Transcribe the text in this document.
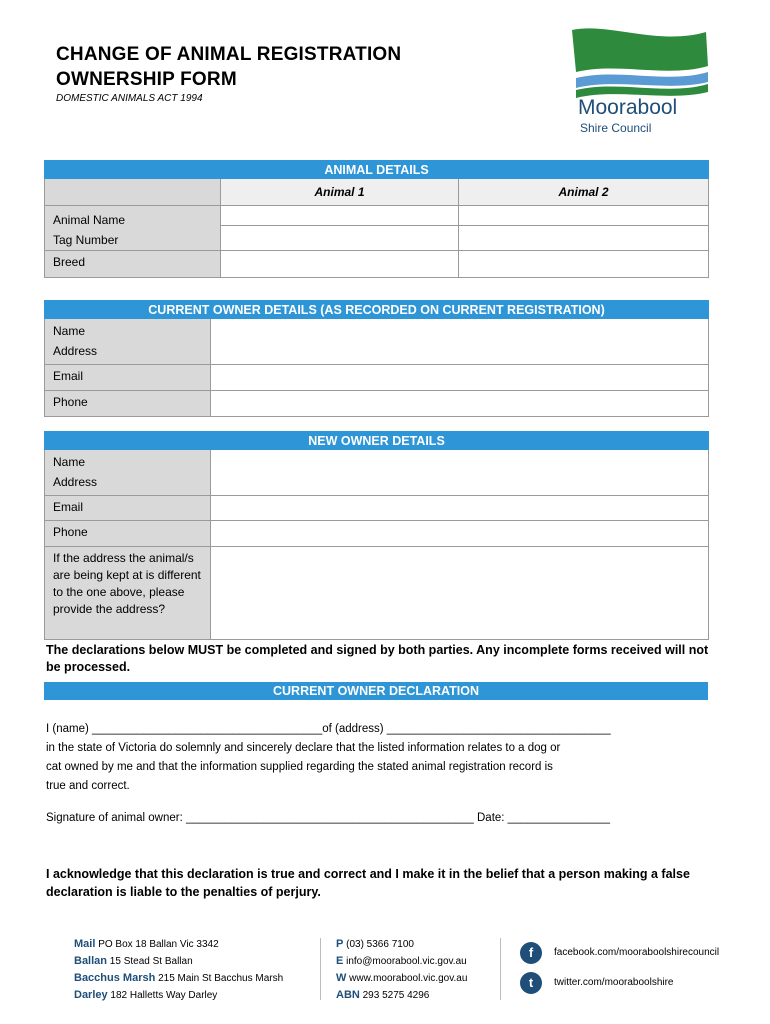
CHANGE OF ANIMAL REGISTRATION
OWNERSHIP FORM
DOMESTIC ANIMALS ACT 1994	Moorabool
Shire Council
ANIMAL DETAILS		
	Animal 1	Animal 2

Animal Name
Tag Number		

Breed		
CURRENT OWNER DETAILS (AS RECORDED ON CURRENT REGISTRATION)	

Name
Address	

Email	
Phone	
NEW OWNER DETAILS	

Name
Address	

Email	
Phone	
If the address the animal/s are being kept at is different to the one above, please provide the address?	
The declarations below MUST be completed and signed by both parties. Any incomplete forms received will not be processed.
CURRENT OWNER DECLARATION
I (name) ____________________________________of (address) ___________________________________
in the state of Victoria do solemnly and sincerely declare that the listed information relates to a dog or
cat owned by me and that the information supplied regarding the stated animal registration record is
true and correct.
Signature of animal owner: _____________________________________________ Date: ________________
I acknowledge that this declaration is true and correct and I make it in the belief that a person making a false declaration is liable to the penalties of perjury.
Mail PO Box 18 Ballan Vic 3342
Ballan 15 Stead St Ballan
Bacchus Marsh 215 Main St Bacchus Marsh
Darley 182 Halletts Way Darley
P (03) 5366 7100
E info@moorabool.vic.gov.au
W www.moorabool.vic.gov.au
ABN 293 5275 4296
f	facebook.com/mooraboolshirecouncil
t	twitter.com/mooraboolshire
